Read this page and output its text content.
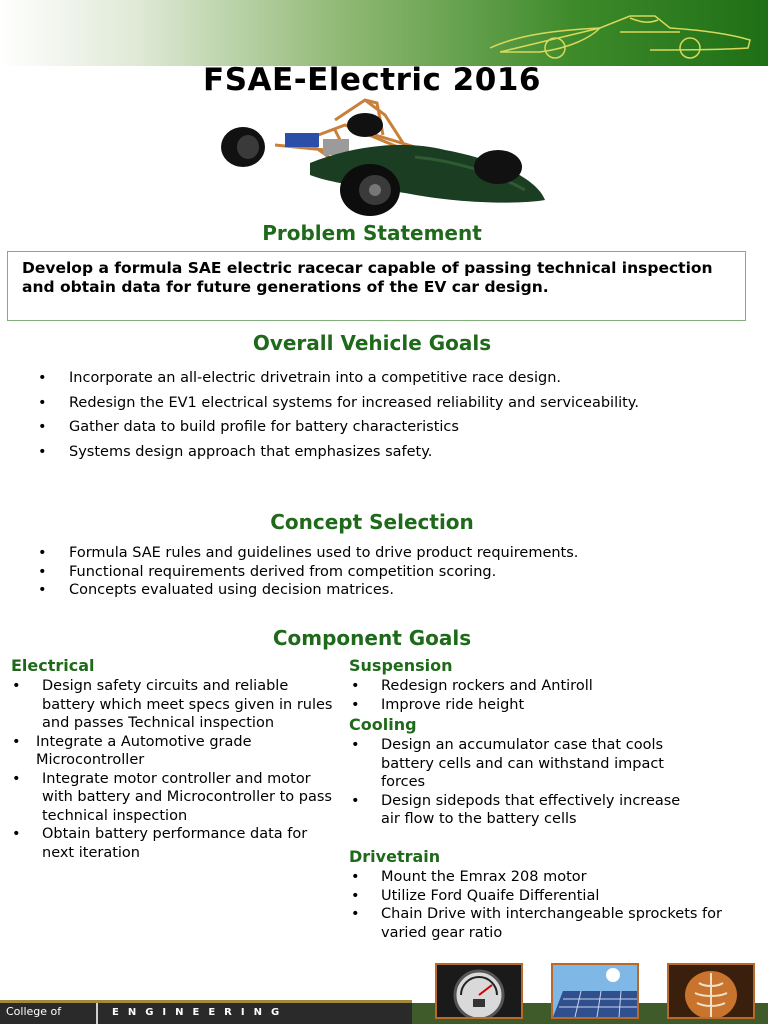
FSAE-Electric 2016
Problem Statement

Develop a formula SAE electric racecar capable of passing technical inspection and obtain data for future generations of the EV car design.

Overall Vehicle Goals
• Incorporate an all-electric drivetrain into a competitive race design.
• Redesign the EV1 electrical systems for increased reliability and serviceability.
• Gather data to build profile for battery characteristics
• Systems design approach that emphasizes safety.
Concept Selection
• Formula SAE rules and guidelines used to drive product requirements.
• Functional requirements derived from competition scoring.
• Concepts evaluated using decision matrices.
Component Goals
Electrical
• Design safety circuits and reliable battery which meet specs given in rules and passes Technical inspection
• Integrate a Automotive grade Microcontroller
• Integrate motor controller and motor with battery and Microcontroller to pass technical inspection
• Obtain battery performance data for next iteration
Suspension
• Redesign rockers and Antiroll
• Improve ride height
Cooling
• Design an accumulator case that cools battery cells and can withstand impact forces
• Design sidepods that effectively increase air flow to the battery cells
Drivetrain
• Mount the Emrax 208 motor
• Utilize Ford Quaife Differential
• Chain Drive with interchangeable sprockets for varied gear ratio
College of	ENGINEERING
